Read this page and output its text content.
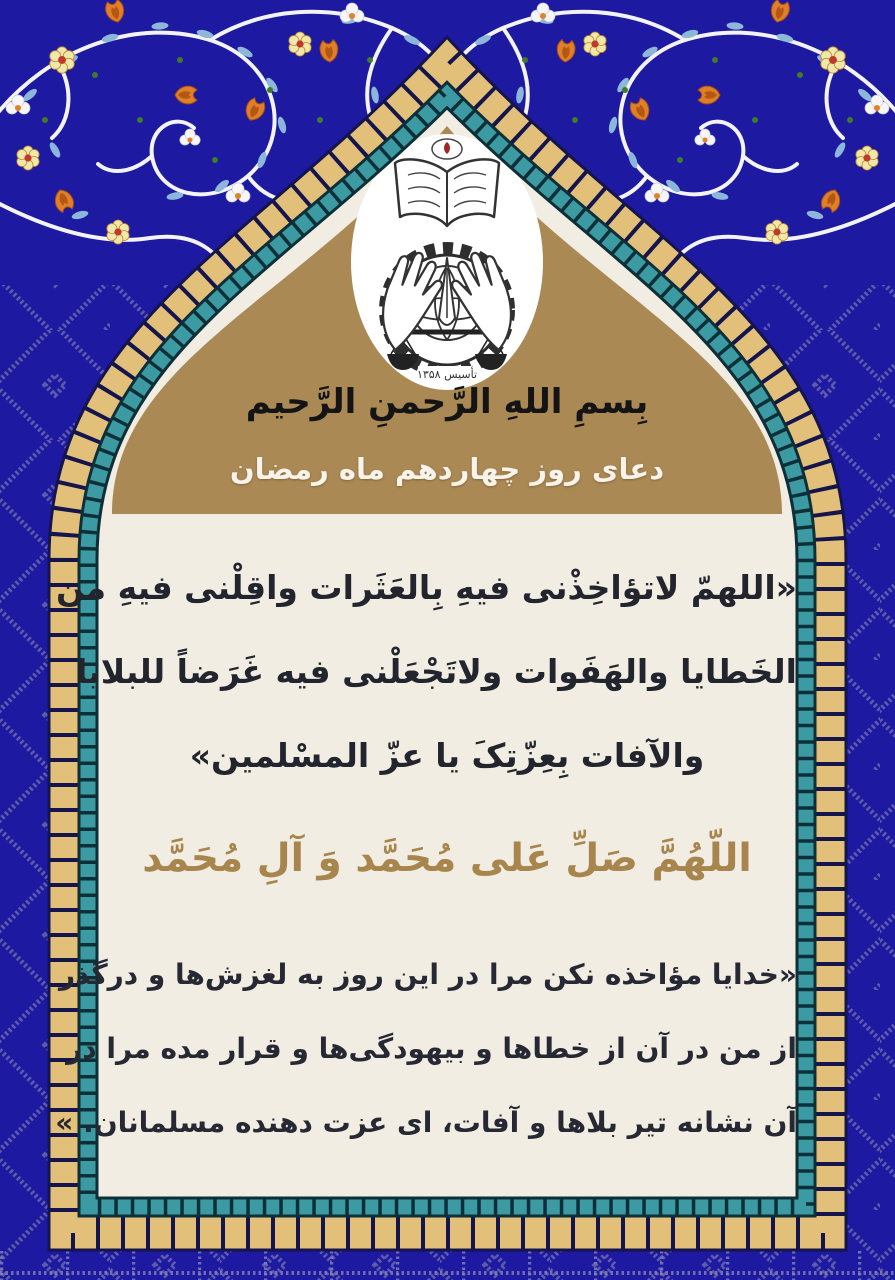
تأسیس ۱۳۵۸
بِسمِ اللهِ الرَّحمنِ الرَّحیم
دعای روز چهاردهم ماه رمضان
«اللهمّ لاتؤاخِذْنی فیهِ بِالعَثَرات واقِلْنی فیهِ من
الخَطایا والهَفَوات ولاتَجْعَلْنی فیه غَرَضاً للبلایا
والآفات بِعِزّتِکَ یا عزّ المسْلمین»
اللّهُمَّ صَلِّ عَلی مُحَمَّد وَ آلِ مُحَمَّد
«خدایا مؤاخذه نکن مرا در این روز به لغزش‌ها و درگذر
از من در آن از خطاها و بیهودگی‌ها و قرار مده مرا در
آن نشانه تیر بلاها و آفات، ای عزت دهنده مسلمانان. »
